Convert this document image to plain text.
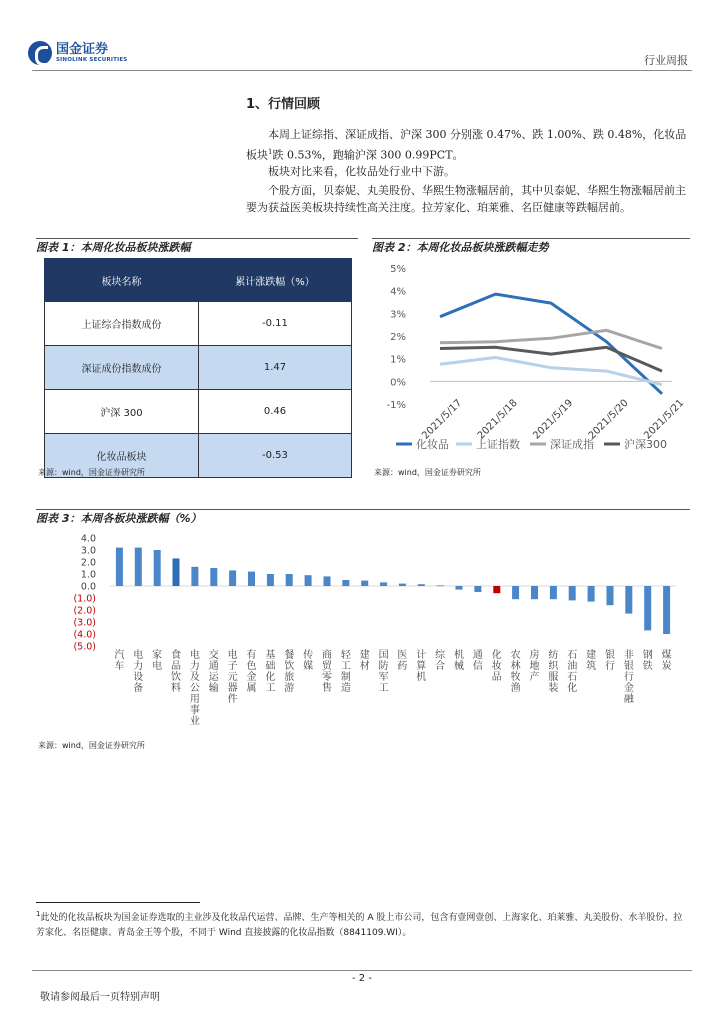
国金证券
SINOLINK SECURITIES	行业周报
1、行情回顾
本周上证综指、深证成指、沪深 300 分别涨 0.47%、跌 1.00%、跌 0.48%，化妆品板块$^1$跌 0.53%，跑输沪深 300 0.99PCT。
板块对比来看，化妆品处行业中下游。
个股方面，贝泰妮、丸美股份、华熙生物涨幅居前，其中贝泰妮、华熙生物涨幅居前主要为获益医美板块持续性高关注度。拉芳家化、珀莱雅、名臣健康等跌幅居前。
图表 1：本周化妆品板块涨跌幅
板块名称	累计涨跌幅（%）
上证综合指数成份	-0.11
深证成份指数成份	1.47
沪深 300	0.46
化妆品板块	-0.53
来源：wind，国金证券研究所
图表 2：本周化妆品板块涨跌幅走势
5%
4%
3%
2%
1%
0%
-1% 2021/5/17 2021/5/18 2021/5/19 2021/5/20 2021/5/21
化妆品 上证指数	深证成指	沪深300
来源：wind，国金证券研究所
图表 3：本周各板块涨跌幅（%）
4.0
3.0
2.0
1.0
0.0
(1.0)
(2.0)
(3.0)
(4.0)
(5.0)
汽车
电力设备
家电
食品饮料
电力及公用事业
交通运输
电子元器件
有色金属
基础化工
餐饮旅游
传媒
商贸零售
轻工制造
建材
国防军工
医药
计算机
综合
机械
通信
化妆品
农林牧渔
房地产
纺织服装
石油石化
建筑
银行
非银行金融
钢铁
煤炭
来源：wind，国金证券研究所
$^1$此处的化妆品板块为国金证券选取的主业涉及化妆品代运营、品牌、生产等相关的 A 股上市公司，包含有壹网壹创、上海家化、珀莱雅、丸美股份、水羊股份、拉芳家化、名臣健康、青岛金王等个股，不同于 Wind 直接披露的化妆品指数（8841109.WI）。
- 2 -
敬请参阅最后一页特别声明
